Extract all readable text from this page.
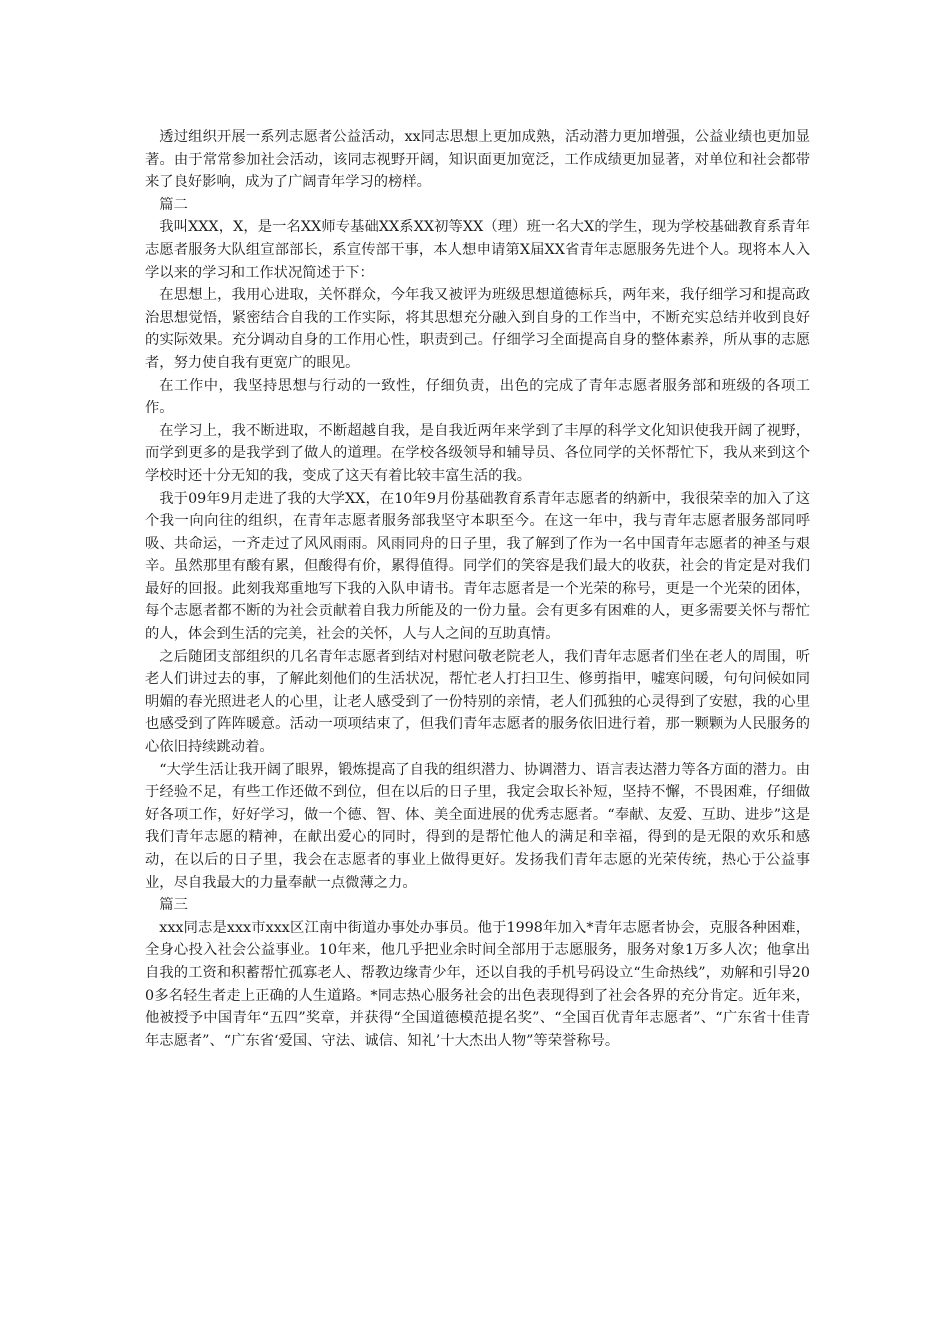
透过组织开展一系列志愿者公益活动，xx同志思想上更加成熟，活动潜力更加增强，公益业绩也更加显著。由于常常参加社会活动，该同志视野开阔，知识面更加宽泛，工作成绩更加显著，对单位和社会都带来了良好影响，成为了广阔青年学习的榜样。

篇二

我叫XXX，X，是一名XX师专基础XX系XX初等XX（理）班一名大X的学生，现为学校基础教育系青年志愿者服务大队组宣部部长，系宣传部干事，本人想申请第X届XX省青年志愿服务先进个人。现将本人入学以来的学习和工作状况简述于下：

在思想上，我用心进取，关怀群众，今年我又被评为班级思想道德标兵，两年来，我仔细学习和提高政治思想觉悟，紧密结合自我的工作实际，将其思想充分融入到自身的工作当中，不断充实总结并收到良好的实际效果。充分调动自身的工作用心性，职责到己。仔细学习全面提高自身的整体素养，所从事的志愿者，努力使自我有更宽广的眼见。

在工作中，我坚持思想与行动的一致性，仔细负责，出色的完成了青年志愿者服务部和班级的各项工作。

在学习上，我不断进取，不断超越自我，是自我近两年来学到了丰厚的科学文化知识使我开阔了视野，而学到更多的是我学到了做人的道理。在学校各级领导和辅导员、各位同学的关怀帮忙下，我从来到这个学校时还十分无知的我，变成了这天有着比较丰富生活的我。

我于09年9月走进了我的大学XX，在10年9月份基础教育系青年志愿者的纳新中，我很荣幸的加入了这个我一向向往的组织，在青年志愿者服务部我坚守本职至今。在这一年中，我与青年志愿者服务部同呼吸、共命运，一齐走过了风风雨雨。风雨同舟的日子里，我了解到了作为一名中国青年志愿者的神圣与艰辛。虽然那里有酸有累，但酸得有价，累得值得。同学们的笑容是我们最大的收获，社会的肯定是对我们最好的回报。此刻我郑重地写下我的入队申请书。青年志愿者是一个光荣的称号，更是一个光荣的团体，每个志愿者都不断的为社会贡献着自我力所能及的一份力量。会有更多有困难的人，更多需要关怀与帮忙的人，体会到生活的完美，社会的关怀，人与人之间的互助真情。

之后随团支部组织的几名青年志愿者到结对村慰问敬老院老人，我们青年志愿者们坐在老人的周围，听老人们讲过去的事，了解此刻他们的生活状况，帮忙老人打扫卫生、修剪指甲，嘘寒问暖，句句问候如同明媚的春光照进老人的心里，让老人感受到了一份特别的亲情，老人们孤独的心灵得到了安慰，我的心里也感受到了阵阵暖意。活动一项项结束了，但我们青年志愿者的服务依旧进行着，那一颗颗为人民服务的心依旧持续跳动着。

“大学生活让我开阔了眼界，锻炼提高了自我的组织潜力、协调潜力、语言表达潜力等各方面的潜力。由于经验不足，有些工作还做不到位，但在以后的日子里，我定会取长补短，坚持不懈，不畏困难，仔细做好各项工作，好好学习，做一个德、智、体、美全面进展的优秀志愿者。“奉献、友爱、互助、进步”这是我们青年志愿的精神，在献出爱心的同时，得到的是帮忙他人的满足和幸福，得到的是无限的欢乐和感动，在以后的日子里，我会在志愿者的事业上做得更好。发扬我们青年志愿的光荣传统，热心于公益事业，尽自我最大的力量奉献一点微薄之力。

篇三

xxx同志是xxx市xxx区江南中街道办事处办事员。他于1998年加入*青年志愿者协会，克服各种困难，全身心投入社会公益事业。10年来，他几乎把业余时间全部用于志愿服务，服务对象1万多人次；他拿出自我的工资和积蓄帮忙孤寡老人、帮教边缘青少年，还以自我的手机号码设立“生命热线”，劝解和引导200多名轻生者走上正确的人生道路。*同志热心服务社会的出色表现得到了社会各界的充分肯定。近年来，他被授予中国青年“五四”奖章，并获得“全国道德模范提名奖”、“全国百优青年志愿者”、“广东省十佳青年志愿者”、“广东省‘爱国、守法、诚信、知礼’十大杰出人物”等荣誉称号。
